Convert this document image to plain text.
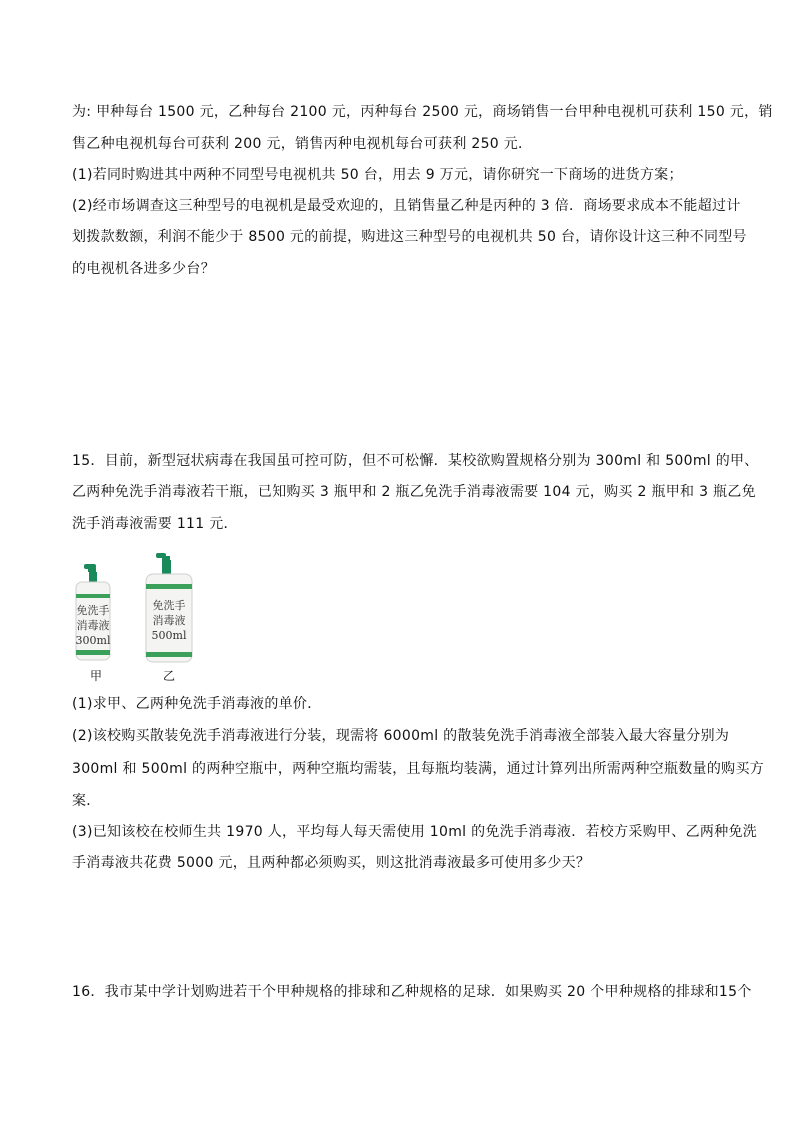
为: 甲种每台 1500 元，乙种每台 2100 元，丙种每台 2500 元，商场销售一台甲种电视机可获利 150 元，销
售乙种电视机每台可获利 200 元，销售丙种电视机每台可获利 250 元．
(1)若同时购进其中两种不同型号电视机共 50 台，用去 9 万元，请你研究一下商场的进货方案；
(2)经市场调查这三种型号的电视机是最受欢迎的，且销售量乙种是丙种的 3 倍．商场要求成本不能超过计
划拨款数额，利润不能少于 8500 元的前提，购进这三种型号的电视机共 50 台，请你设计这三种不同型号
的电视机各进多少台？
15．目前，新型冠状病毒在我国虽可控可防，但不可松懈．某校欲购置规格分别为 300ml 和 500ml 的甲、
乙两种免洗手消毒液若干瓶，已知购买 3 瓶甲和 2 瓶乙免洗手消毒液需要 104 元，购买 2 瓶甲和 3 瓶乙免
洗手消毒液需要 111 元．
免洗手
消毒液
300ml
免洗手
消毒液
500ml
甲	乙
(1)求甲、乙两种免洗手消毒液的单价．
(2)该校购买散装免洗手消毒液进行分装，现需将 6000ml 的散装免洗手消毒液全部装入最大容量分别为
300ml 和 500ml 的两种空瓶中，两种空瓶均需装，且每瓶均装满，通过计算列出所需两种空瓶数量的购买方
案．
(3)已知该校在校师生共 1970 人，平均每人每天需使用 10ml 的免洗手消毒液．若校方采购甲、乙两种免洗
手消毒液共花费 5000 元，且两种都必须购买，则这批消毒液最多可使用多少天？
16．我市某中学计划购进若干个甲种规格的排球和乙种规格的足球．如果购买 20 个甲种规格的排球和15个
